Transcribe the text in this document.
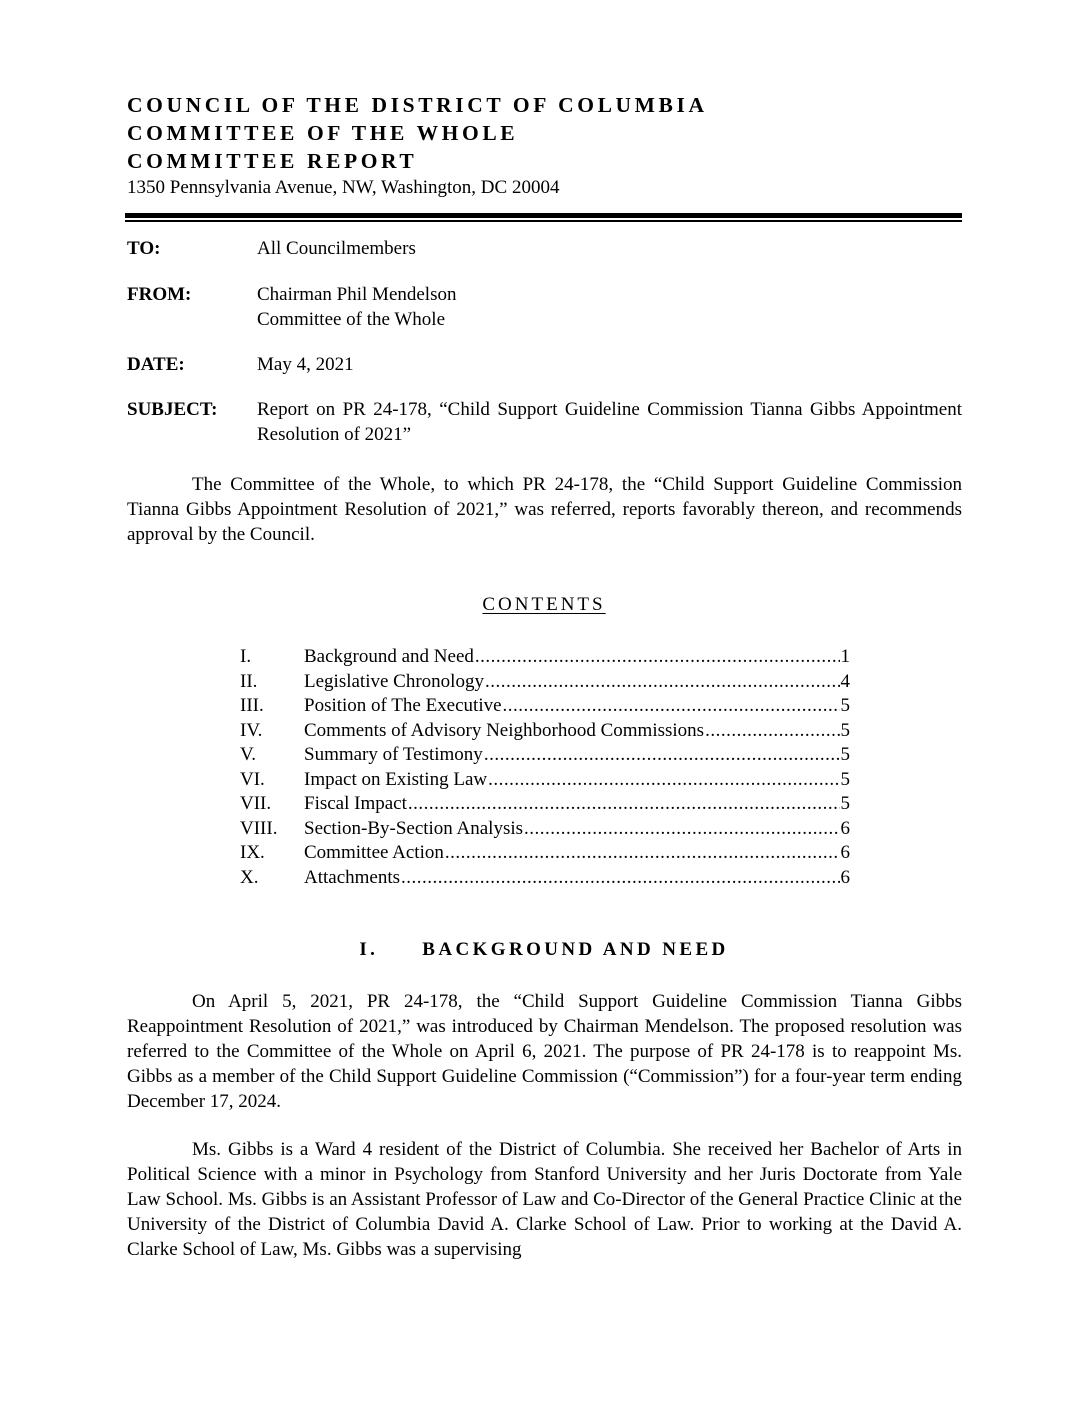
COUNCIL OF THE DISTRICT OF COLUMBIA
COMMITTEE OF THE WHOLE
COMMITTEE REPORT
1350 Pennsylvania Avenue, NW, Washington, DC 20004
TO:	All Councilmembers
FROM:	Chairman Phil Mendelson
Committee of the Whole
DATE:	May 4, 2021
SUBJECT: Report on PR 24-178, “Child Support Guideline Commission Tianna Gibbs Appointment Resolution of 2021”

The Committee of the Whole, to which PR 24-178, the “Child Support Guideline Commission Tianna Gibbs Appointment Resolution of 2021,” was referred, reports favorably thereon, and recommends approval by the Council.

CONTENTS
I.	Background and Need .....	1
II.	Legislative Chronology .....	4
III.	Position of The Executive .....	5
IV.	Comments of Advisory Neighborhood Commissions .....	5
V.	Summary of Testimony .....	5
VI.	Impact on Existing Law .....	5
VII.	Fiscal Impact .....	5
VIII.	Section-By-Section Analysis .....	6
IX.	Committee Action .....	6
X.	Attachments .....	6
I. BACKGROUND AND NEED

On April 5, 2021, PR 24-178, the “Child Support Guideline Commission Tianna Gibbs Reappointment Resolution of 2021,” was introduced by Chairman Mendelson. The proposed resolution was referred to the Committee of the Whole on April 6, 2021. The purpose of PR 24-178 is to reappoint Ms. Gibbs as a member of the Child Support Guideline Commission (“Commission”) for a four-year term ending December 17, 2024.

Ms. Gibbs is a Ward 4 resident of the District of Columbia. She received her Bachelor of Arts in Political Science with a minor in Psychology from Stanford University and her Juris Doctorate from Yale Law School. Ms. Gibbs is an Assistant Professor of Law and Co-Director of the General Practice Clinic at the University of the District of Columbia David A. Clarke School of Law. Prior to working at the David A. Clarke School of Law, Ms. Gibbs was a supervising
